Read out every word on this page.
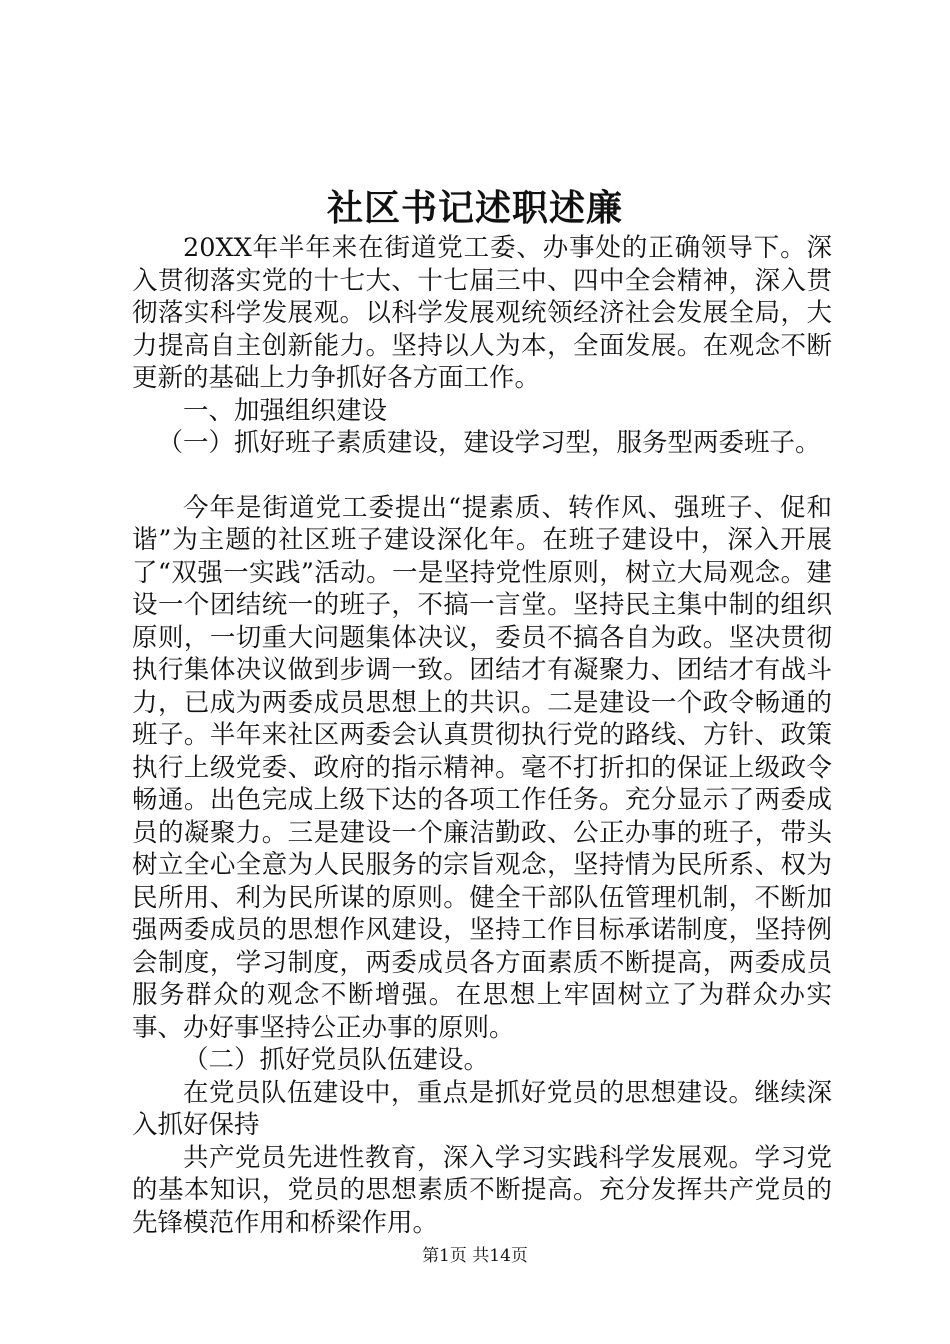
社区书记述职述廉

20XX年半年来在街道党工委、办事处的正确领导下。深入贯彻落实党的十七大、十七届三中、四中全会精神，深入贯彻落实科学发展观。以科学发展观统领经济社会发展全局，大力提高自主创新能力。坚持以人为本，全面发展。在观念不断更新的基础上力争抓好各方面工作。

一、加强组织建设

（一）抓好班子素质建设，建设学习型，服务型两委班子。

今年是街道党工委提出“提素质、转作风、强班子、促和谐”为主题的社区班子建设深化年。在班子建设中，深入开展了“双强一实践”活动。一是坚持党性原则，树立大局观念。建设一个团结统一的班子，不搞一言堂。坚持民主集中制的组织原则，一切重大问题集体决议，委员不搞各自为政。坚决贯彻执行集体决议做到步调一致。团结才有凝聚力、团结才有战斗力，已成为两委成员思想上的共识。二是建设一个政令畅通的班子。半年来社区两委会认真贯彻执行党的路线、方针、政策执行上级党委、政府的指示精神。毫不打折扣的保证上级政令畅通。出色完成上级下达的各项工作任务。充分显示了两委成员的凝聚力。三是建设一个廉洁勤政、公正办事的班子，带头树立全心全意为人民服务的宗旨观念，坚持情为民所系、权为民所用、利为民所谋的原则。健全干部队伍管理机制，不断加强两委成员的思想作风建设，坚持工作目标承诺制度，坚持例会制度，学习制度，两委成员各方面素质不断提高，两委成员服务群众的观念不断增强。在思想上牢固树立了为群众办实事、办好事坚持公正办事的原则。

（二）抓好党员队伍建设。

在党员队伍建设中，重点是抓好党员的思想建设。继续深入抓好保持

共产党员先进性教育，深入学习实践科学发展观。学习党的基本知识，党员的思想素质不断提高。充分发挥共产党员的先锋模范作用和桥梁作用。

第1页 共14页
